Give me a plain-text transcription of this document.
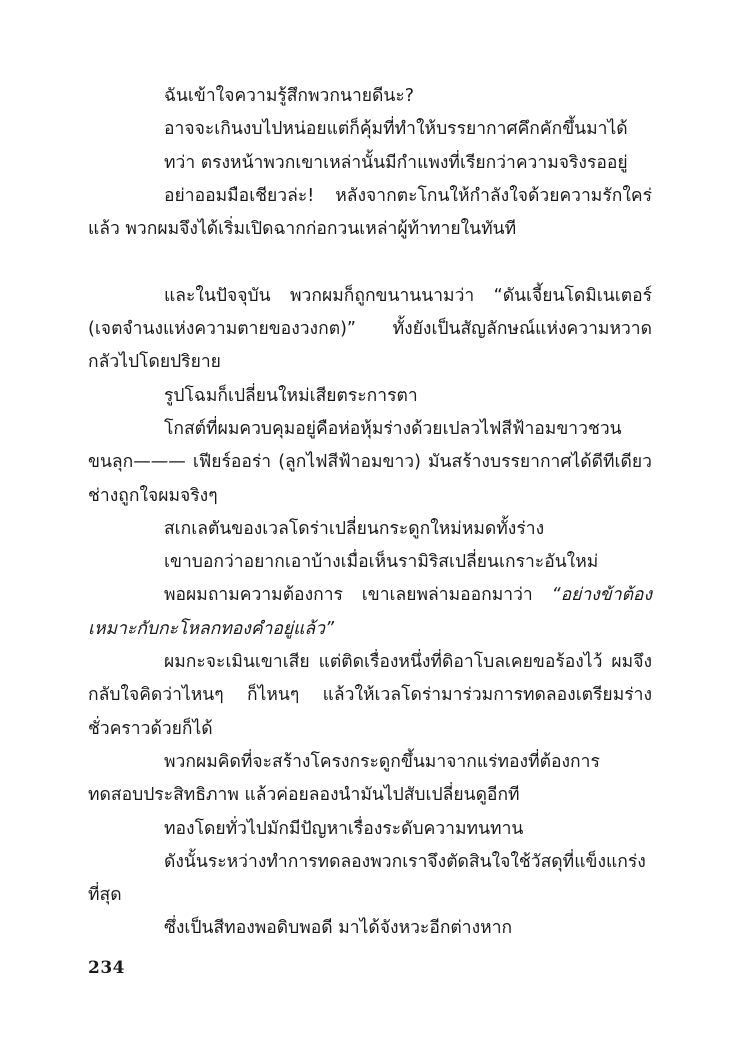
ฉันเข้าใจความรู้สึกพวกนายดีนะ?

อาจจะเกินงบไปหน่อยแต่ก็คุ้มที่ทำให้บรรยากาศคึกคักขึ้นมาได้

ทว่า ตรงหน้าพวกเขาเหล่านั้นมีกำแพงที่เรียกว่าความจริงรออยู่

อย่าออมมือเชียวล่ะ! หลังจากตะโกนให้กำลังใจด้วยความรักใคร่แล้ว พวกผมจึงได้เริ่มเปิดฉากก่อกวนเหล่าผู้ท้าทายในทันที

และในปัจจุบัน พวกผมก็ถูกขนานนามว่า “ดันเจี้ยนโดมิเนเตอร์ (เจตจำนงแห่งความตายของวงกต)” ทั้งยังเป็นสัญลักษณ์แห่งความหวาดกลัวไปโดยปริยาย

รูปโฉมก็เปลี่ยนใหม่เสียตระการตา

โกสต์ที่ผมควบคุมอยู่คือห่อหุ้มร่างด้วยเปลวไฟสีฟ้าอมขาวชวนขนลุก——— เฟียร์ออร่า (ลูกไฟสีฟ้าอมขาว) มันสร้างบรรยากาศได้ดีทีเดียว ช่างถูกใจผมจริงๆ

สเกเลตันของเวลโดร่าเปลี่ยนกระดูกใหม่หมดทั้งร่าง

เขาบอกว่าอยากเอาบ้างเมื่อเห็นรามิริสเปลี่ยนเกราะอันใหม่

พอผมถามความต้องการ เขาเลยพล่ามออกมาว่า “อย่างข้าต้องเหมาะกับกะโหลกทองคำอยู่แล้ว”

ผมกะจะเมินเขาเสีย แต่ติดเรื่องหนึ่งที่ดิอาโบลเคยขอร้องไว้ ผมจึงกลับใจคิดว่าไหนๆ ก็ไหนๆ แล้วให้เวลโดร่ามาร่วมการทดลองเตรียมร่างชั่วคราวด้วยก็ได้

พวกผมคิดที่จะสร้างโครงกระดูกขึ้นมาจากแร่ทองที่ต้องการทดสอบประสิทธิภาพ แล้วค่อยลองนำมันไปสับเปลี่ยนดูอีกที

ทองโดยทั่วไปมักมีปัญหาเรื่องระดับความทนทาน

ดังนั้นระหว่างทำการทดลองพวกเราจึงตัดสินใจใช้วัสดุที่แข็งแกร่งที่สุด

ซึ่งเป็นสีทองพอดิบพอดี มาได้จังหวะอีกต่างหาก

234
